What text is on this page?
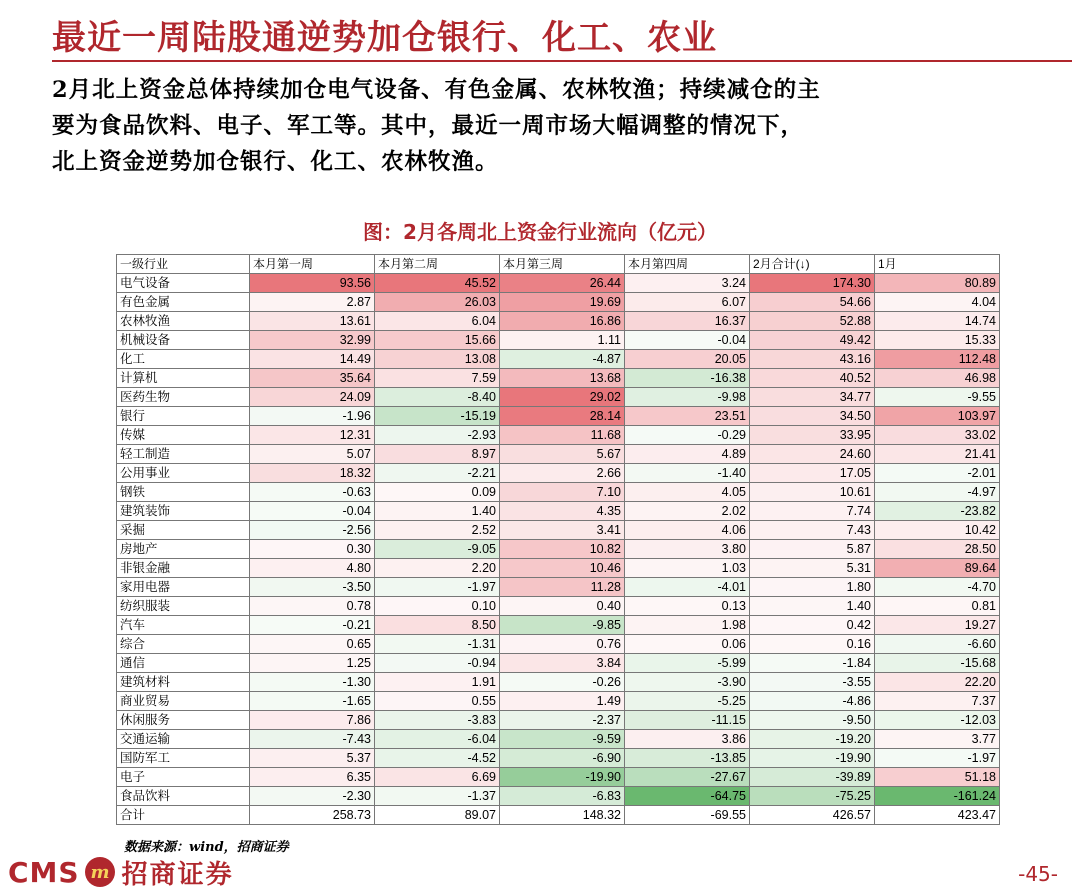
最近一周陆股通逆势加仓银行、化工、农业
2月北上资金总体持续加仓电气设备、有色金属、农林牧渔；持续减仓的主
要为食品饮料、电子、军工等。其中，最近一周市场大幅调整的情况下，
北上资金逆势加仓银行、化工、农林牧渔。
图：2月各周北上资金行业流向（亿元）
一级行业	本月第一周	本月第二周	本月第三周	本月第四周	2月合计(↓)	1月
电气设备	93.56	45.52	26.44	3.24	174.30	80.89
有色金属	2.87	26.03	19.69	6.07	54.66	4.04
农林牧渔	13.61	6.04	16.86	16.37	52.88	14.74
机械设备	32.99	15.66	1.11	-0.04	49.42	15.33
化工	14.49	13.08	-4.87	20.05	43.16	112.48
计算机	35.64	7.59	13.68	-16.38	40.52	46.98
医药生物	24.09	-8.40	29.02	-9.98	34.77	-9.55
银行	-1.96	-15.19	28.14	23.51	34.50	103.97
传媒	12.31	-2.93	11.68	-0.29	33.95	33.02
轻工制造	5.07	8.97	5.67	4.89	24.60	21.41
公用事业	18.32	-2.21	2.66	-1.40	17.05	-2.01
钢铁	-0.63	0.09	7.10	4.05	10.61	-4.97
建筑装饰	-0.04	1.40	4.35	2.02	7.74	-23.82
采掘	-2.56	2.52	3.41	4.06	7.43	10.42
房地产	0.30	-9.05	10.82	3.80	5.87	28.50
非银金融	4.80	2.20	10.46	1.03	5.31	89.64
家用电器	-3.50	-1.97	11.28	-4.01	1.80	-4.70
纺织服装	0.78	0.10	0.40	0.13	1.40	0.81
汽车	-0.21	8.50	-9.85	1.98	0.42	19.27
综合	0.65	-1.31	0.76	0.06	0.16	-6.60
通信	1.25	-0.94	3.84	-5.99	-1.84	-15.68
建筑材料	-1.30	1.91	-0.26	-3.90	-3.55	22.20
商业贸易	-1.65	0.55	1.49	-5.25	-4.86	7.37
休闲服务	7.86	-3.83	-2.37	-11.15	-9.50	-12.03
交通运输	-7.43	-6.04	-9.59	3.86	-19.20	3.77
国防军工	5.37	-4.52	-6.90	-13.85	-19.90	-1.97
电子	6.35	6.69	-19.90	-27.67	-39.89	51.18
食品饮料	-2.30	-1.37	-6.83	-64.75	-75.25	-161.24
合计	258.73	89.07	148.32	-69.55	426.57	423.47
数据来源：wind，招商证券
CMS m 招商证券	-45-
